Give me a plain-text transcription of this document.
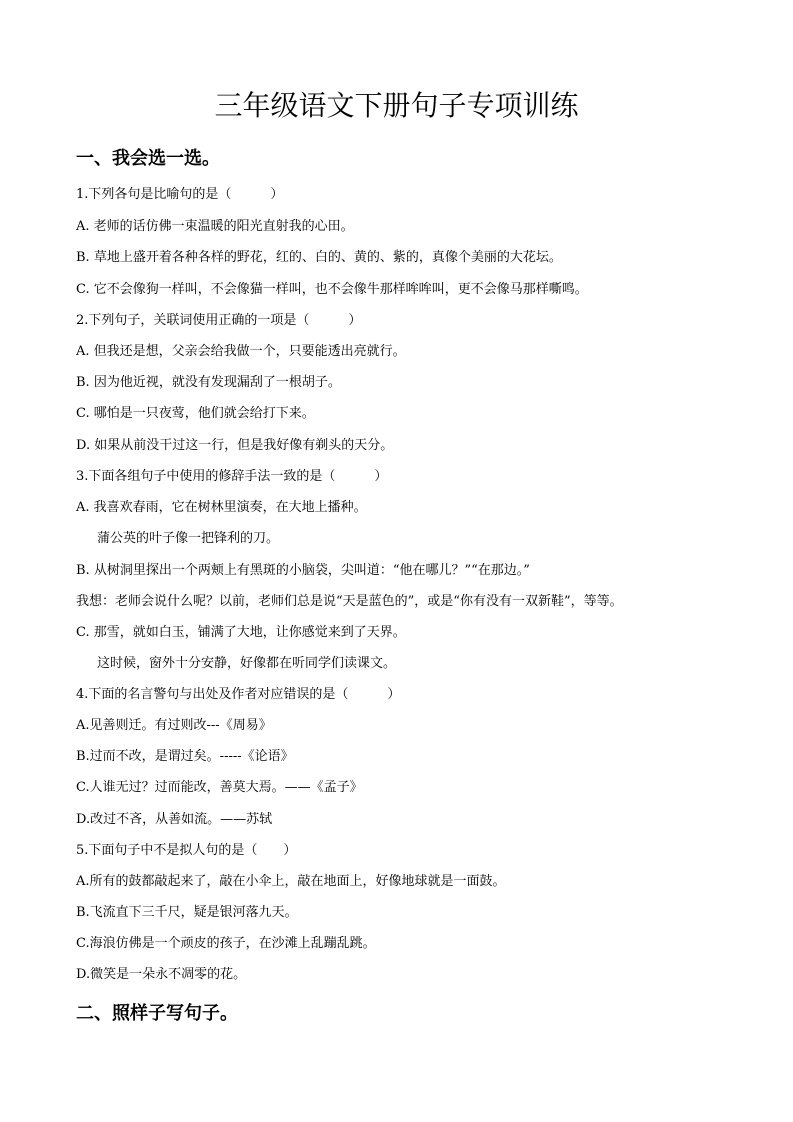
三年级语文下册句子专项训练
一、我会选一选。

1.下列各句是比喻句的是（　　　）

A. 老师的话仿佛一束温暖的阳光直射我的心田。

B. 草地上盛开着各种各样的野花，红的、白的、黄的、紫的，真像个美丽的大花坛。

C. 它不会像狗一样叫，不会像猫一样叫，也不会像牛那样哞哞叫，更不会像马那样嘶鸣。

2.下列句子，关联词使用正确的一项是（　　　）

A. 但我还是想，父亲会给我做一个，只要能透出亮就行。

B. 因为他近视，就没有发现漏刮了一根胡子。

C. 哪怕是一只夜莺，他们就会给打下来。

D. 如果从前没干过这一行，但是我好像有剃头的天分。

3.下面各组句子中使用的修辞手法一致的是（　　　）

A. 我喜欢春雨，它在树林里演奏，在大地上播种。

蒲公英的叶子像一把锋利的刀。

B. 从树洞里探出一个两颊上有黑斑的小脑袋，尖叫道：“他在哪儿？”“在那边。”

我想：老师会说什么呢？以前，老师们总是说“天是蓝色的”，或是“你有没有一双新鞋”，等等。

C. 那雪，就如白玉，铺满了大地，让你感觉来到了天界。

这时候，窗外十分安静，好像都在听同学们读课文。

4.下面的名言警句与出处及作者对应错误的是（　　　）

A.见善则迁。有过则改---《周易》

B.过而不改，是谓过矣。-----《论语》

C.人谁无过？过而能改，善莫大焉。——《孟子》

D.改过不吝，从善如流。——苏轼

5.下面句子中不是拟人句的是（　　）

A.所有的鼓都敲起来了，敲在小伞上，敲在地面上，好像地球就是一面鼓。

B.飞流直下三千尺，疑是银河落九天。

C.海浪仿佛是一个顽皮的孩子，在沙滩上乱蹦乱跳。

D.微笑是一朵永不凋零的花。

二、照样子写句子。
